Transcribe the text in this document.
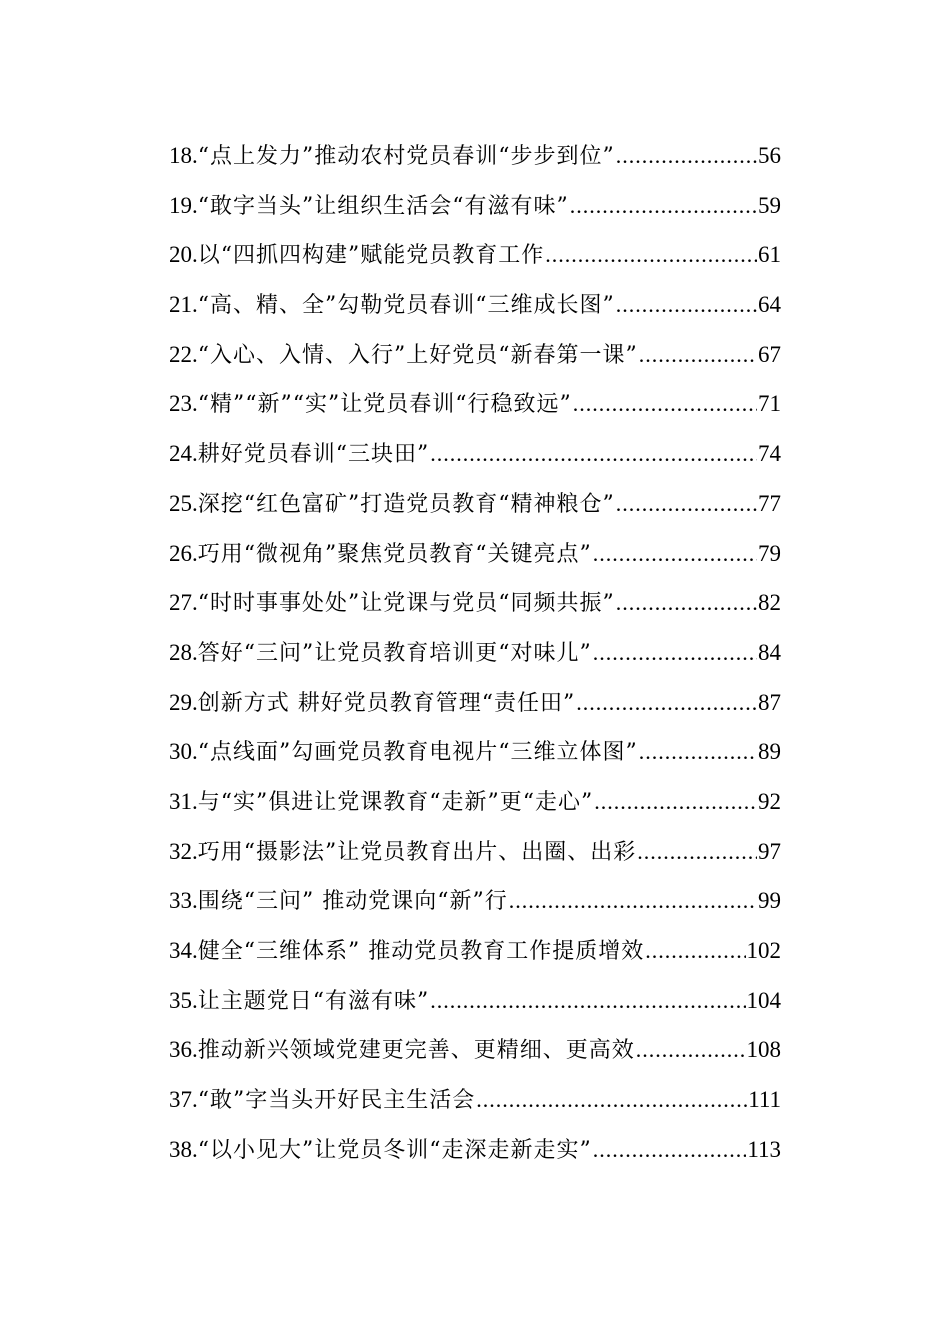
18. “点上发力”推动农村党员春训“步步到位” .....	56
19. “敢字当头”让组织生活会“有滋有味” .....	59
20. 以“四抓四构建”赋能党员教育工作 .....	61
21. “高、精、全”勾勒党员春训“三维成长图” .....	64
22. “入心、入情、入行”上好党员“新春第一课” .....	67
23. “精”“新”“实”让党员春训“行稳致远” .....	71
24. 耕好党员春训“三块田” .....	74
25. 深挖“红色富矿”打造党员教育“精神粮仓” .....	77
26. 巧用“微视角”聚焦党员教育“关键亮点” .....	79
27. “时时事事处处”让党课与党员“同频共振” .....	82
28. 答好“三问”让党员教育培训更“对味儿” .....	84
29. 创新方式 耕好党员教育管理“责任田” .....	87
30. “点线面”勾画党员教育电视片“三维立体图” .....	89
31. 与“实”俱进让党课教育“走新”更“走心” .....	92
32. 巧用“摄影法”让党员教育出片、出圈、出彩 .....	97
33. 围绕“三问” 推动党课向“新”行 .....	99
34. 健全“三维体系” 推动党员教育工作提质增效 .....	102
35. 让主题党日“有滋有味” .....	104
36. 推动新兴领域党建更完善、更精细、更高效 .....	108
37. “敢”字当头开好民主生活会 .....	111
38. “以小见大”让党员冬训“走深走新走实” .....	113
